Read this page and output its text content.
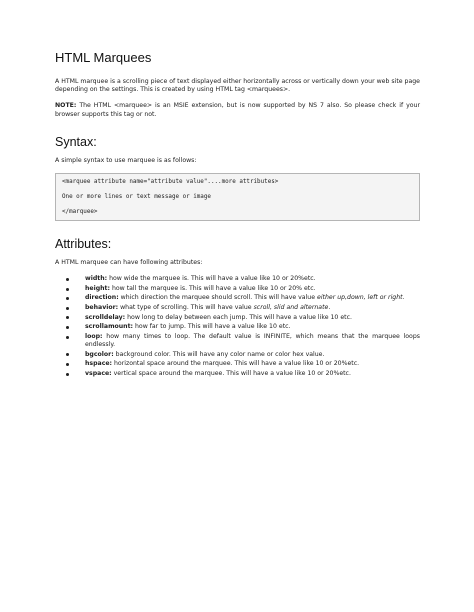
HTML Marquees

A HTML marquee is a scrolling piece of text displayed either horizontally across or vertically down your web site page depending on the settings. This is created by using HTML tag <marquees>.

NOTE: The HTML <marquee> is an MSIE extension, but is now supported by NS 7 also. So please check if your browser supports this tag or not.

Syntax:

A simple syntax to use marquee is as follows:

<marquee attribute name="attribute value"....more attributes>
One or more lines or text message or image
</marquee>
Attributes:

A HTML marquee can have following attributes:

width: how wide the marquee is. This will have a value like 10 or 20%etc.
height: how tall the marquee is. This will have a value like 10 or 20% etc.
direction: which direction the marquee should scroll. This will have value either up,down, left or right.
behavior: what type of scrolling. This will have value scroll, slid and alternate.
scrolldelay: how long to delay between each jump. This will have a value like 10 etc.
scrollamount: how far to jump. This will have a value like 10 etc.
loop: how many times to loop. The default value is INFINITE, which means that the marquee loops endlessly.
bgcolor: background color. This will have any color name or color hex value.
hspace: horizontal space around the marquee. This will have a value like 10 or 20%etc.
vspace: vertical space around the marquee. This will have a value like 10 or 20%etc.
